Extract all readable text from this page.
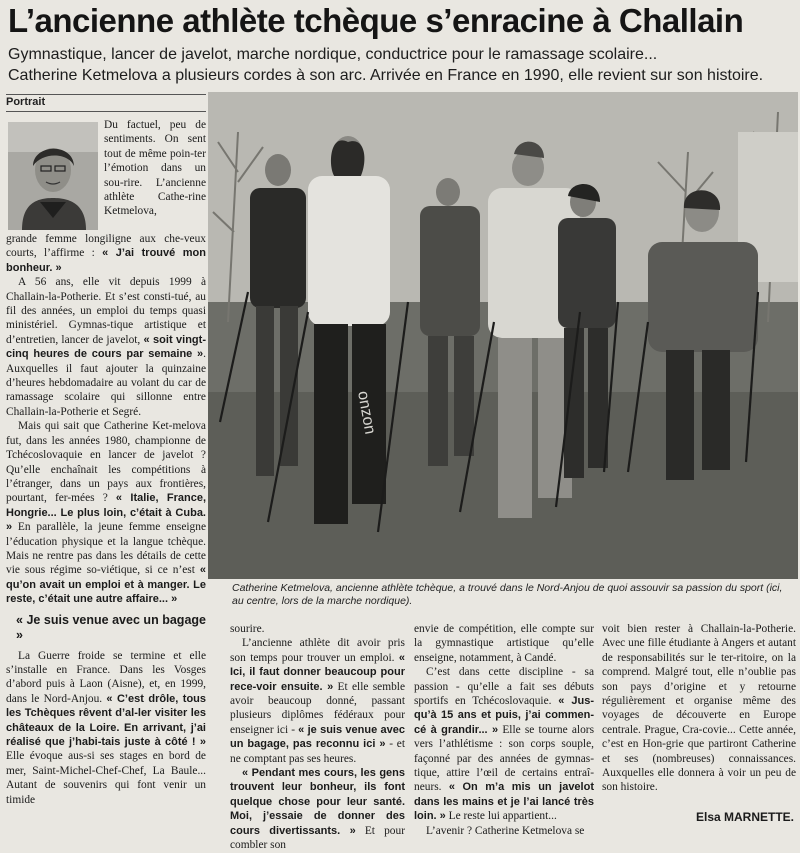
L’ancienne athlète tchèque s’enracine à Challain
Gymnastique, lancer de javelot, marche nordique, conductrice pour le ramassage scolaire...
Catherine Ketmelova a plusieurs cordes à son arc. Arrivée en France en 1990, elle revient sur son histoire.
Portrait

Du factuel, peu de sentiments. On sent tout de même poin-ter l’émotion dans un sou-rire. L’ancienne athlète Cathe-rine Ketmelova,

grande femme longiligne aux che-veux courts, l’affirme : « J’ai trouvé mon bonheur. »

A 56 ans, elle vit depuis 1999 à Challain-la-Potherie. Et s’est consti-tué, au fil des années, un emploi du temps quasi ministériel. Gymnas-tique artistique et d’entretien, lancer de javelot, « soit vingt-cinq heures de cours par semaine ». Auxquelles il faut ajouter la quinzaine d’heures hebdomadaire au volant du car de ramassage scolaire qui sillonne entre Challain-la-Potherie et Segré.

Mais qui sait que Catherine Ket-melova fut, dans les années 1980, championne de Tchécoslovaquie en lancer de javelot ? Qu’elle enchaînait les compétitions à l’étranger, dans un pays aux frontières, pourtant, fer-mées ? « Italie, France, Hongrie... Le plus loin, c’était à Cuba. » En parallèle, la jeune femme enseigne l’éducation physique et la langue tchèque. Mais ne rentre pas dans les détails de cette vie sous régime so-viétique, si ce n’est « qu’on avait un emploi et à manger. Le reste, c’était une autre affaire... »

« Je suis venue avec un bagage »

La Guerre froide se termine et elle s’installe en France. Dans les Vosges d’abord puis à Laon (Aisne), et, en 1999, dans le Nord-Anjou. « C’est drôle, tous les Tchèques rêvent d’al-ler visiter les châteaux de la Loire. En arrivant, j’ai réalisé que j’habi-tais juste à côté ! » Elle évoque aus-si ses stages en bord de mer, Saint-Michel-Chef-Chef, La Baule... Autant de souvenirs qui font venir un timide

onzon
Catherine Ketmelova, ancienne athlète tchèque, a trouvé dans le Nord-Anjou de quoi assouvir sa passion du sport (ici, au centre, lors de la marche nordique).

sourire.

L’ancienne athlète dit avoir pris son temps pour trouver un emploi. « Ici, il faut donner beaucoup pour rece-voir ensuite. » Et elle semble avoir beaucoup donné, passant plusieurs diplômes fédéraux pour enseigner ici - « je suis venue avec un bagage, pas reconnu ici » - et ne comptant pas ses heures.

« Pendant mes cours, les gens trouvent leur bonheur, ils font quelque chose pour leur santé. Moi, j’essaie de donner des cours divertissants. » Et pour combler son

envie de compétition, elle compte sur la gymnastique artistique qu’elle enseigne, notamment, à Candé.

C’est dans cette discipline - sa passion - qu’elle a fait ses débuts sportifs en Tchécoslovaquie. « Jus-qu’à 15 ans et puis, j’ai commen-cé à grandir... » Elle se tourne alors vers l’athlétisme : son corps souple, façonné par des années de gymnas-tique, attire l’œil de certains entraî-neurs. « On m’a mis un javelot dans les mains et je l’ai lancé très loin. » Le reste lui appartient...

L’avenir ? Catherine Ketmelova se

voit bien rester à Challain-la-Potherie. Avec une fille étudiante à Angers et autant de responsabilités sur le ter-ritoire, on la comprend. Malgré tout, elle n’oublie pas son pays d’origine et y retourne régulièrement et organise même des voyages de découverte en Europe centrale. Prague, Cra-covie... Cette année, c’est en Hon-grie que partiront Catherine et ses (nombreuses) connaissances. Auxquelles elle donnera à voir un peu de son histoire.

Elsa MARNETTE.
